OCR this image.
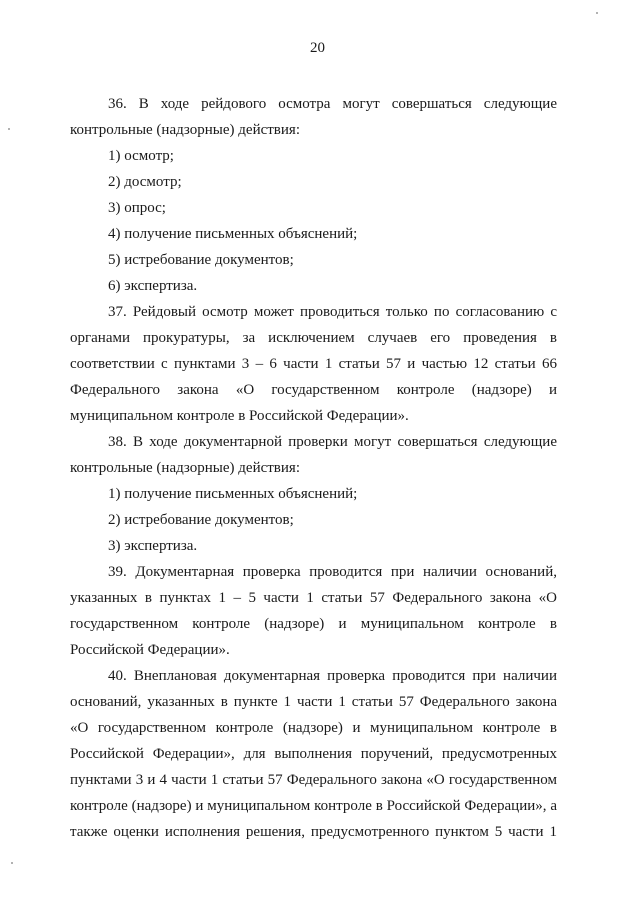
20

36. В ходе рейдового осмотра могут совершаться следующие контрольные (надзорные) действия:

1) осмотр;

2) досмотр;

3) опрос;

4) получение письменных объяснений;

5) истребование документов;

6) экспертиза.

37. Рейдовый осмотр может проводиться только по согласованию с органами прокуратуры, за исключением случаев его проведения в соответствии с пунктами 3 – 6 части 1 статьи 57 и частью 12 статьи 66 Федерального закона «О государственном контроле (надзоре) и муниципальном контроле в Российской Федерации».

38. В ходе документарной проверки могут совершаться следующие контрольные (надзорные) действия:

1) получение письменных объяснений;

2) истребование документов;

3) экспертиза.

39. Документарная проверка проводится при наличии оснований, указанных в пунктах 1 – 5 части 1 статьи 57 Федерального закона «О государственном контроле (надзоре) и муниципальном контроле в Российской Федерации».

40. Внеплановая документарная проверка проводится при наличии оснований, указанных в пункте 1 части 1 статьи 57 Федерального закона «О государственном контроле (надзоре) и муниципальном контроле в Российской Федерации», для выполнения поручений, предусмотренных пунктами 3 и 4 части 1 статьи 57 Федерального закона «О государственном контроле (надзоре) и муниципальном контроле в Российской Федерации», а также оценки исполнения решения, предусмотренного пунктом 5 части 1
